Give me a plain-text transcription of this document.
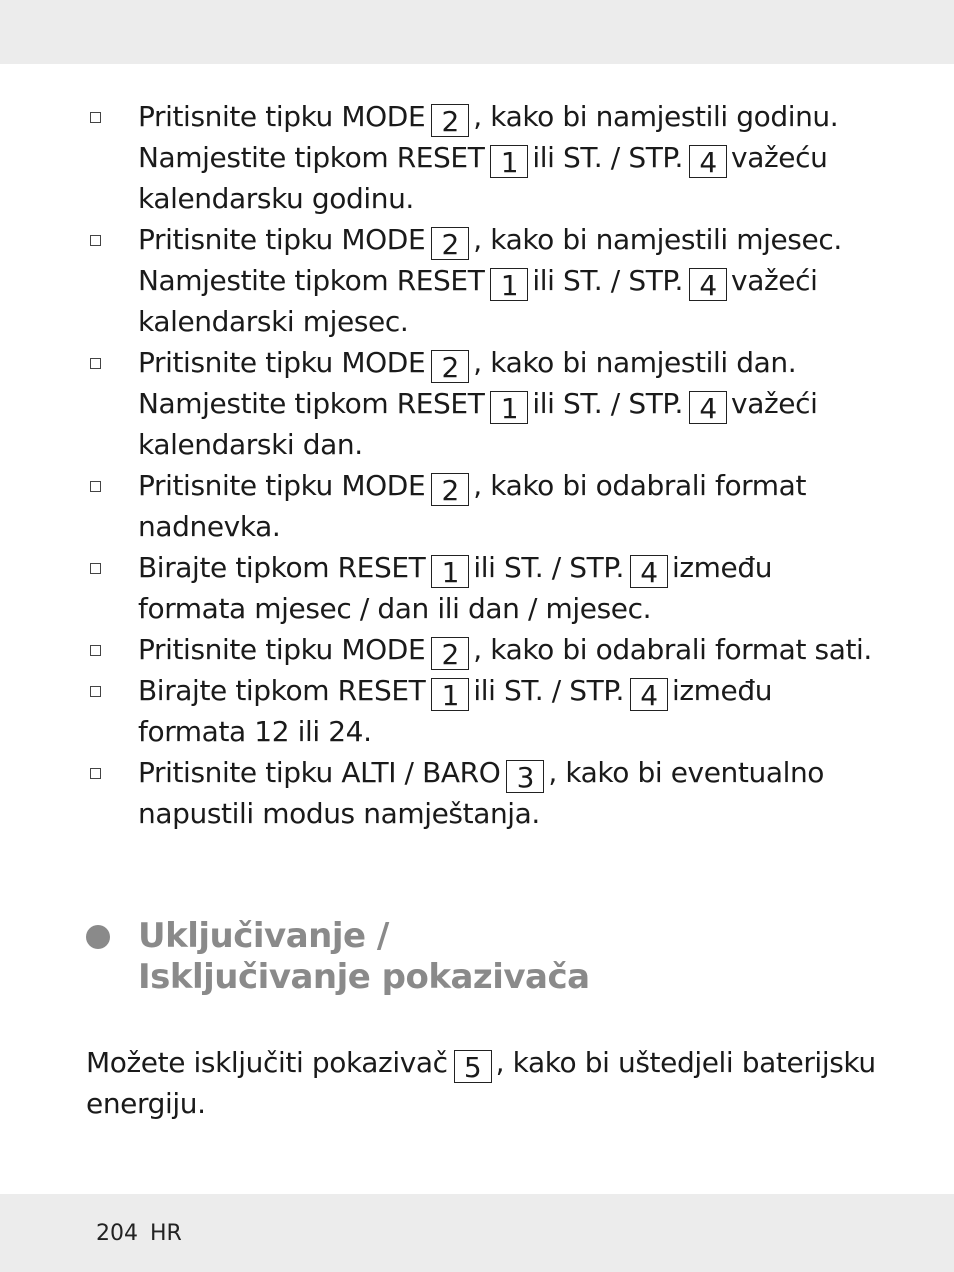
Pritisnite tipku MODE 2 , kako bi namjestili godinu. Namjestite tipkom RESET 1 ili ST. / STP. 4 važeću kalendarsku godinu.
Pritisnite tipku MODE 2 , kako bi namjestili mjesec. Namjestite tipkom RESET 1 ili ST. / STP. 4 važeći kalendarski mjesec.
Pritisnite tipku MODE 2 , kako bi namjestili dan. Namjestite tipkom RESET 1 ili ST. / STP. 4 važeći kalendarski dan.
Pritisnite tipku MODE 2 , kako bi odabrali format nadnevka.
Birajte tipkom RESET 1 ili ST. / STP. 4 između formata mjesec / dan ili dan / mjesec.
Pritisnite tipku MODE 2 , kako bi odabrali format sati.
Birajte tipkom RESET 1 ili ST. / STP. 4 između formata 12 ili 24.
Pritisnite tipku ALTI / BARO 3 , kako bi eventualno napustili modus namještanja.
Uključivanje /
Isključivanje pokazivača

Možete isključiti pokazivač 5 , kako bi uštedjeli baterijsku energiju.

204 HR
